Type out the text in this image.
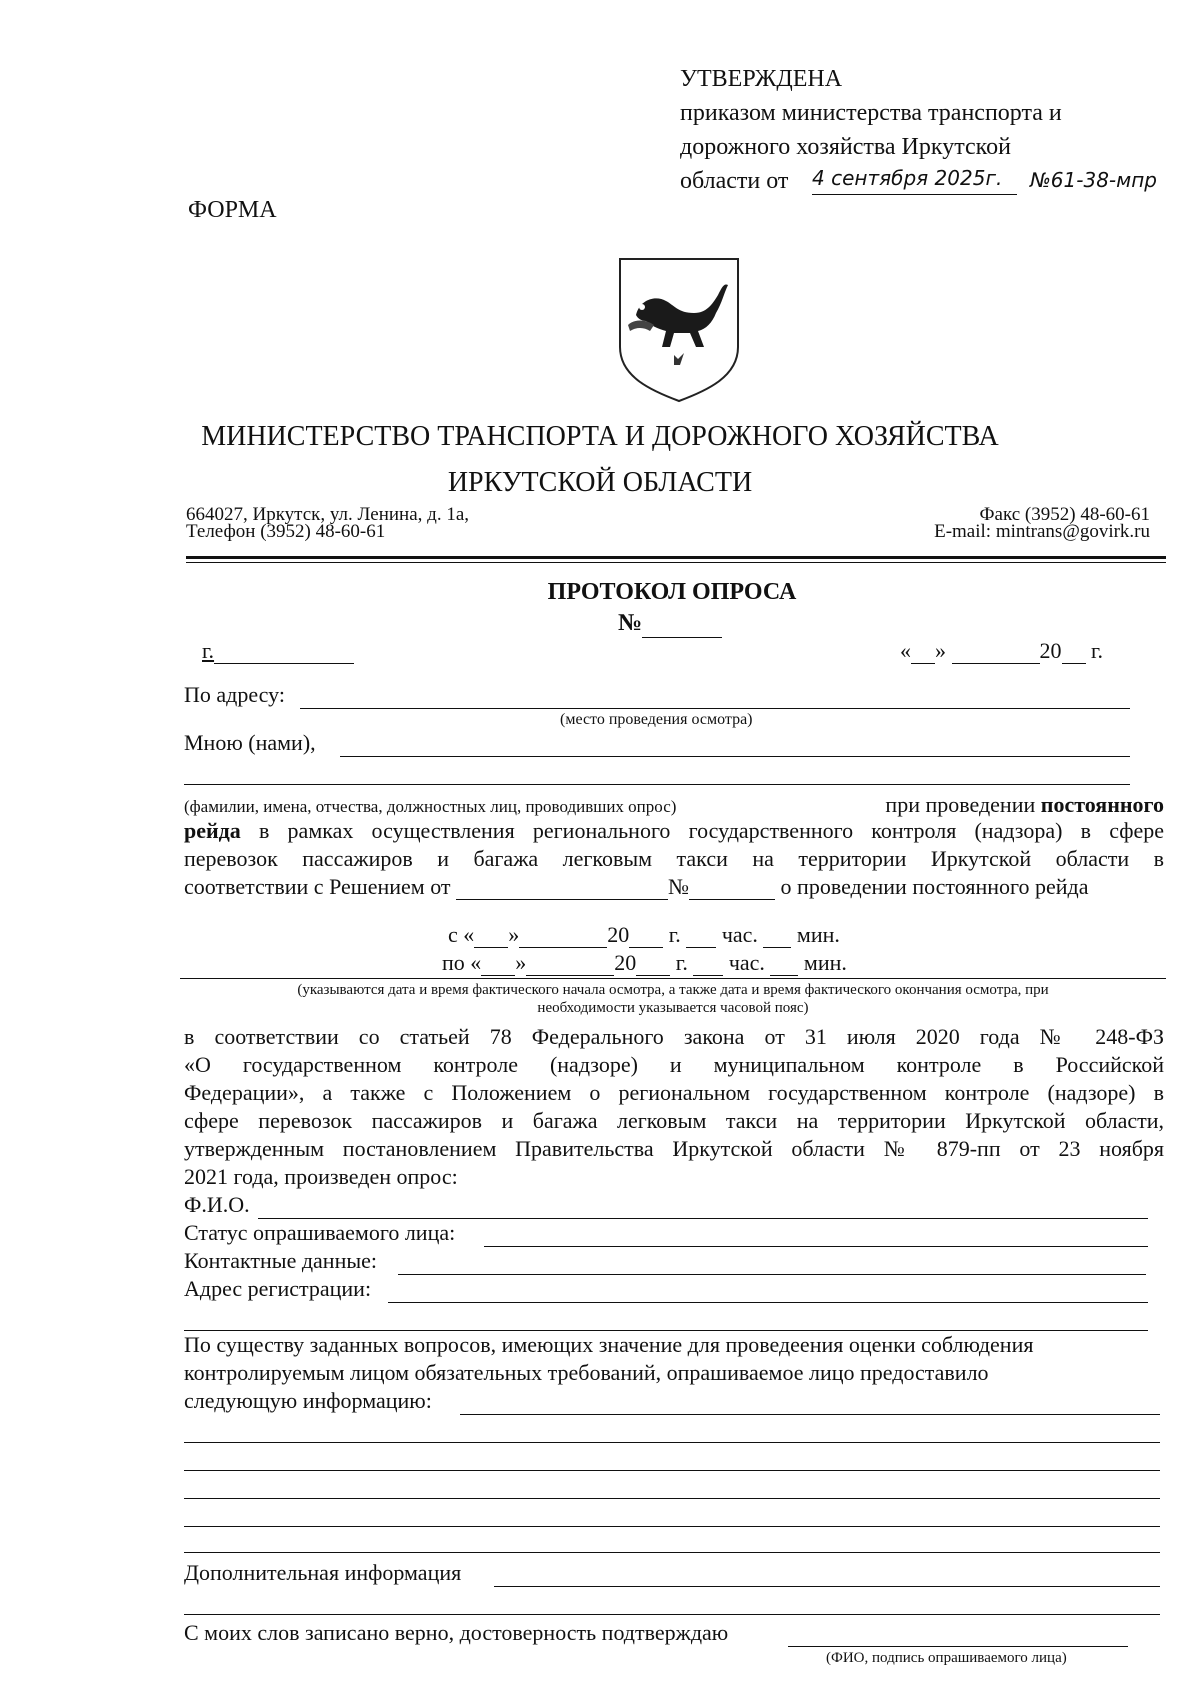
УТВЕРЖДЕНА
приказом министерства транспорта и
дорожного хозяйства Иркутской
области от 4 сентября 2025г.	№61-38-мпр
ФОРМА
МИНИСТЕРСТВО ТРАНСПОРТА И ДОРОЖНОГО ХОЗЯЙСТВА
ИРКУТСКОЙ ОБЛАСТИ
664027, Иркутск, ул. Ленина, д. 1а,
Телефон (3952) 48-60-61
Факс (3952) 48-60-61
E-mail: mintrans@govirk.ru
ПРОТОКОЛ ОПРОСА
№
г.	« »	20 г.
По адресу:
(место проведения осмотра)
Мною (нами),
(фамилии, имена, отчества, должностных лиц, проводивших опрос)	при проведении постоянного
рейда в рамках осуществления регионального государственного контроля (надзора) в сфере
перевозок пассажиров и багажа легковым такси на территории Иркутской области в
соответствии с Решением от	№	о проведении постоянного рейда
с « »	20 г. час. мин.
по « »	20 г. час. мин.
(указываются дата и время фактического начала осмотра, а также дата и время фактического окончания осмотра, при
необходимости указывается часовой пояс)
в соответствии со статьей 78 Федерального закона от 31 июля 2020 года № 248-ФЗ
«О государственном контроле (надзоре) и муниципальном контроле в Российской
Федерации», а также с Положением о региональном государственном контроле (надзоре) в
сфере перевозок пассажиров и багажа легковым такси на территории Иркутской области,
утвержденным постановлением Правительства Иркутской области № 879-пп от 23 ноября
2021 года, произведен опрос:
Ф.И.О.
Статус опрашиваемого лица:
Контактные данные:
Адрес регистрации:
По существу заданных вопросов, имеющих значение для проведеения оценки соблюдения
контролируемым лицом обязательных требований, опрашиваемое лицо предоставило
следующую информацию:
Дополнительная информация
С моих слов записано верно, достоверность подтверждаю
(ФИО, подпись опрашиваемого лица)
